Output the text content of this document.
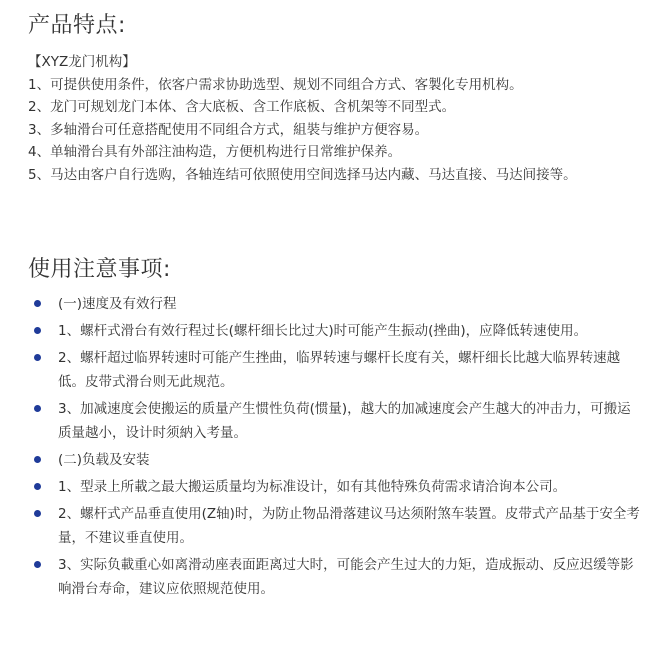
产品特点:
【XYZ龙门机构】
1、可提供使用条件，依客户需求协助选型、规划不同组合方式、客製化专用机构。
2、龙门可规划龙门本体、含大底板、含工作底板、含机架等不同型式。
3、多轴滑台可任意搭配使用不同组合方式，組裝与维护方便容易。
4、单轴滑台具有外部注油构造，方便机构进行日常维护保养。
5、马达由客户自行选购，各轴连结可依照使用空间选择马达内藏、马达直接、马达间接等。
使用注意事项:
(一)速度及有效行程
1、螺杆式滑台有效行程过长(螺杆细长比过大)时可能产生振动(挫曲)，应降低转速使用。
2、螺杆超过临界转速时可能产生挫曲，临界转速与螺杆长度有关，螺杆细长比越大临界转速越低。皮带式滑台则无此规范。
3、加减速度会使搬运的质量产生惯性负荷(惯量)，越大的加减速度会产生越大的冲击力，可搬运质量越小，设计时须納入考量。
(二)负载及安装
1、型录上所載之最大搬运质量均为标准设计，如有其他特殊负荷需求请洽询本公司。
2、螺杆式产品垂直使用(Z轴)时，为防止物品滑落建议马达须附煞车装置。皮带式产品基于安全考量，不建议垂直使用。
3、实际负載重心如离滑动座表面距离过大时，可能会产生过大的力矩，造成振动、反应迟缓等影响滑台寿命，建议应依照规范使用。
